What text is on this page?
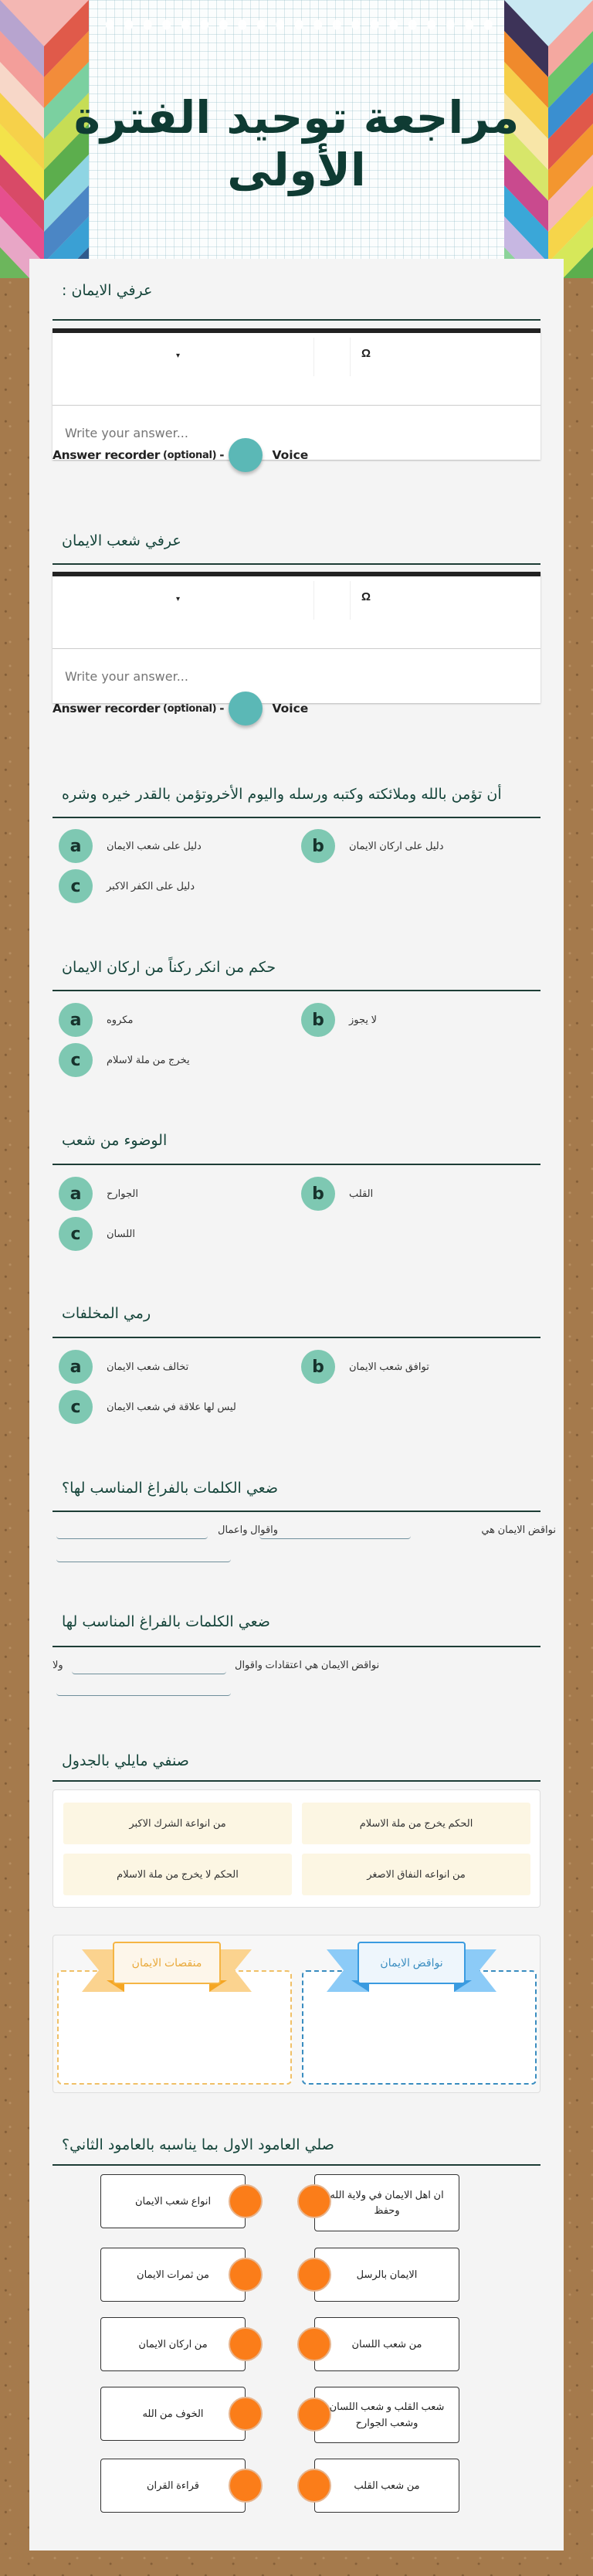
مراجعة توحيد الفترة الأولى
عرفي الايمان :
▾	Ω
Write your answer...
Answer recorder (optional) -	Voice
عرفي شعب الايمان
▾	Ω
Write your answer...
Answer recorder (optional) -	Voice
أن تؤمن بالله وملائكته وكتبه ورسله واليوم الأخروتؤمن بالقدر خيره وشره
a	دليل على شعب الايمان	b	دليل على اركان الايمان
c	دليل على الكفر الاكبر
حكم من انكر ركناً من اركان الايمان
a	مكروه	b	لا يجوز
c	يخرج من ملة لاسلام
الوضوء من شعب
a	الجوارح	b	القلب
c	اللسان
رمي المخلفات
a	تخالف شعب الايمان	b	توافق شعب الايمان
c	ليس لها علاقة في شعب الايمان
ضعي الكلمات بالفراغ المناسب لها؟
نواقض الايمان هي
واقوال واعمال
ضعي الكلمات بالفراغ المناسب لها
نواقض الايمان هي اعتقادات واقوال
ولا
صنفي مايلي بالجدول
الحكم يخرج من ملة الاسلام
من انواعة الشرك الاكبر
من انواعه النفاق الاصغر
الحكم لا يخرج من ملة الاسلام
نواقض الايمان
منقصات الايمان
صلي العامود الاول بما يناسبه بالعامود الثاني؟
ان اهل الايمان في ولاية الله وحفظ
الايمان بالرسل
من شعب اللسان
شعب القلب و شعب اللسان وشعب الجوارح
من شعب القلب
انواع شعب الايمان
من ثمرات الايمان
من اركان الايمان
الخوف من الله
قراءة القران
